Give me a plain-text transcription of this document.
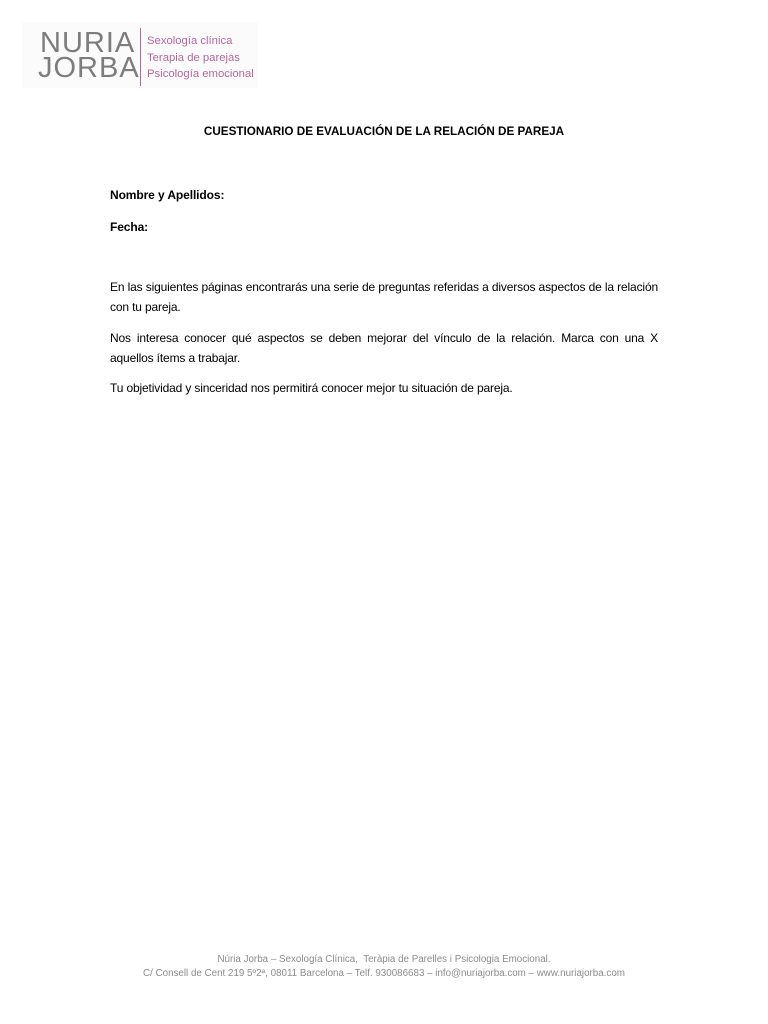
NURIA
JORBA
Sexología clínica
Terapia de parejas
Psicología emocional
CUESTIONARIO DE EVALUACIÓN DE LA RELACIÓN DE PAREJA
Nombre y Apellidos:
Fecha:

En las siguientes páginas encontrarás una serie de preguntas referidas a diversos aspectos de la relación con tu pareja.

Nos interesa conocer qué aspectos se deben mejorar del vínculo de la relación. Marca con una X aquellos ítems a trabajar.

Tu objetividad y sinceridad nos permitirá conocer mejor tu situación de pareja.

Núria Jorba – Sexología Clínica,  Teràpia de Parelles i Psicologia Emocional.
C/ Consell de Cent 219 5º2ª, 08011 Barcelona – Telf. 930086683 – info@nuriajorba.com – www.nuriajorba.com
